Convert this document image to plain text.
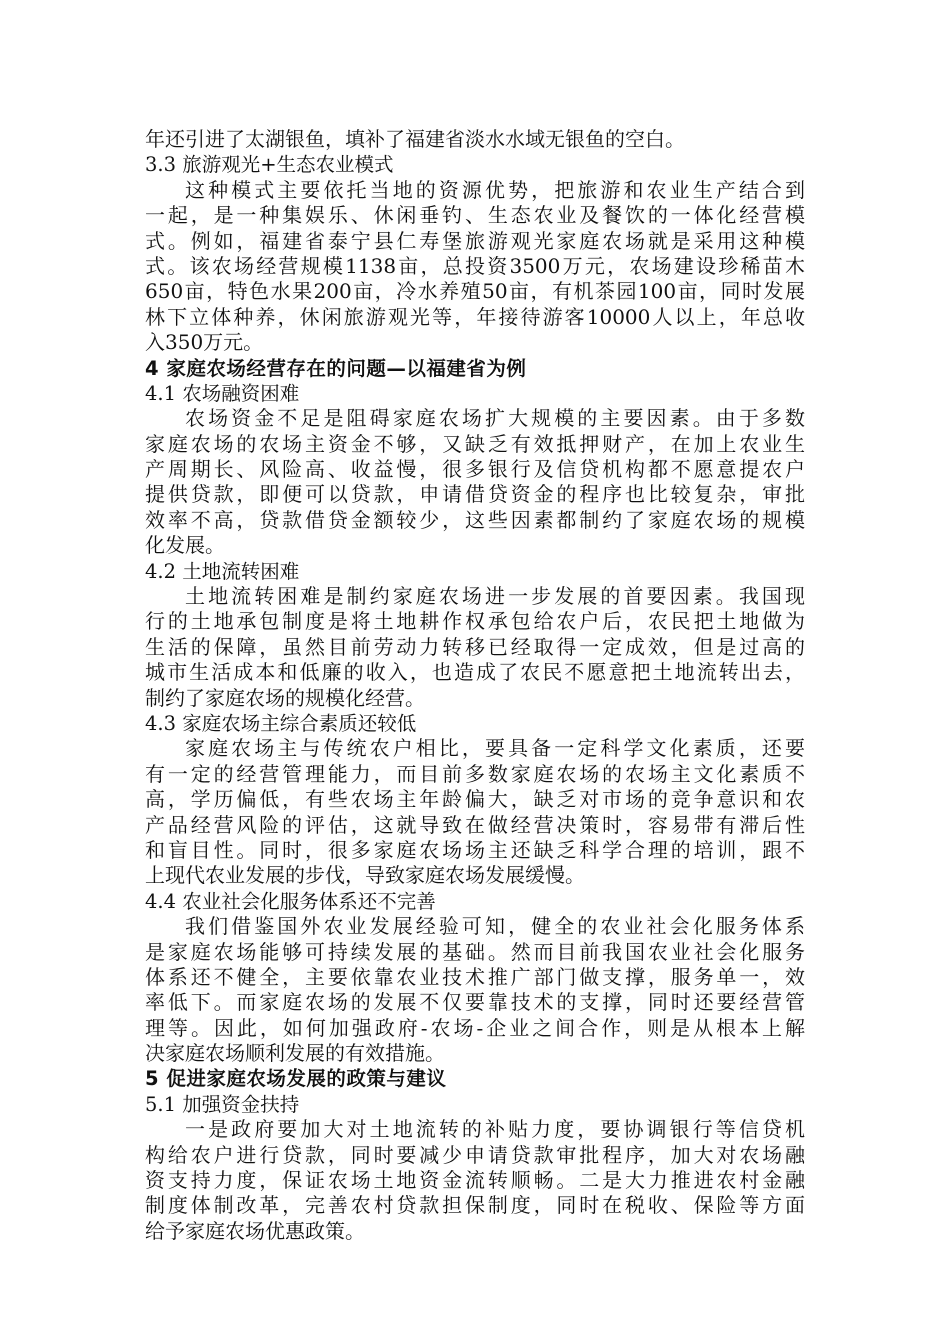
年还引进了太湖银鱼，填补了福建省淡水水域无银鱼的空白。
3.3 旅游观光+生态农业模式
这种模式主要依托当地的资源优势，把旅游和农业生产结合到
一起，是一种集娱乐、休闲垂钓、生态农业及餐饮的一体化经营模
式。例如，福建省泰宁县仁寿堡旅游观光家庭农场就是采用这种模
式。该农场经营规模1138亩，总投资3500万元，农场建设珍稀苗木
650亩，特色水果200亩，冷水养殖50亩，有机茶园100亩，同时发展
林下立体种养，休闲旅游观光等，年接待游客10000人以上，年总收
入350万元。
4 家庭农场经营存在的问题—以福建省为例
4.1 农场融资困难
农场资金不足是阻碍家庭农场扩大规模的主要因素。由于多数
家庭农场的农场主资金不够，又缺乏有效抵押财产，在加上农业生
产周期长、风险高、收益慢，很多银行及信贷机构都不愿意提农户
提供贷款，即便可以贷款，申请借贷资金的程序也比较复杂，审批
效率不高，贷款借贷金额较少，这些因素都制约了家庭农场的规模
化发展。
4.2 土地流转困难
土地流转困难是制约家庭农场进一步发展的首要因素。我国现
行的土地承包制度是将土地耕作权承包给农户后，农民把土地做为
生活的保障，虽然目前劳动力转移已经取得一定成效，但是过高的
城市生活成本和低廉的收入，也造成了农民不愿意把土地流转出去，
制约了家庭农场的规模化经营。
4.3 家庭农场主综合素质还较低
家庭农场主与传统农户相比，要具备一定科学文化素质，还要
有一定的经营管理能力，而目前多数家庭农场的农场主文化素质不
高，学历偏低，有些农场主年龄偏大，缺乏对市场的竞争意识和农
产品经营风险的评估，这就导致在做经营决策时，容易带有滞后性
和盲目性。同时，很多家庭农场场主还缺乏科学合理的培训，跟不
上现代农业发展的步伐，导致家庭农场发展缓慢。
4.4 农业社会化服务体系还不完善
我们借鉴国外农业发展经验可知，健全的农业社会化服务体系
是家庭农场能够可持续发展的基础。然而目前我国农业社会化服务
体系还不健全，主要依靠农业技术推广部门做支撑，服务单一，效
率低下。而家庭农场的发展不仅要靠技术的支撑，同时还要经营管
理等。因此，如何加强政府-农场-企业之间合作，则是从根本上解
决家庭农场顺利发展的有效措施。
5 促进家庭农场发展的政策与建议
5.1 加强资金扶持
一是政府要加大对土地流转的补贴力度，要协调银行等信贷机
构给农户进行贷款，同时要减少申请贷款审批程序，加大对农场融
资支持力度，保证农场土地资金流转顺畅。二是大力推进农村金融
制度体制改革，完善农村贷款担保制度，同时在税收、保险等方面
给予家庭农场优惠政策。
